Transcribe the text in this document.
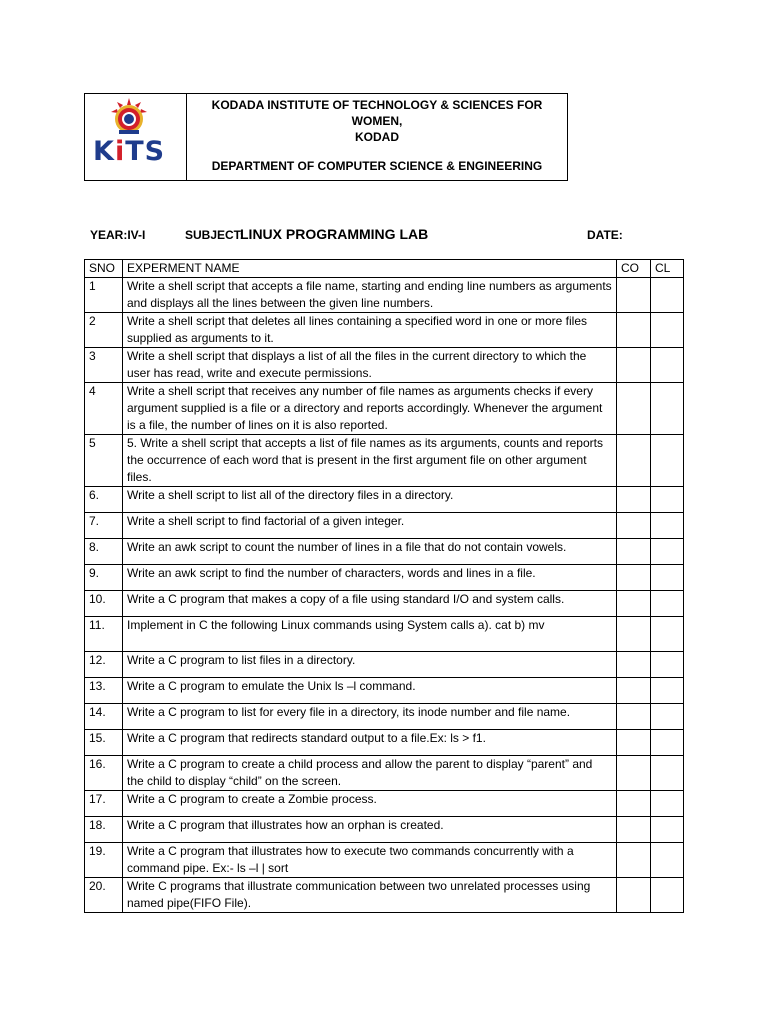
KiTS
KODADA INSTITUTE OF TECHNOLOGY & SCIENCES FOR WOMEN,
KODAD
DEPARTMENT OF COMPUTER SCIENCE & ENGINEERING
YEAR:IV-I	SUBJECT:
LINUX PROGRAMMING LAB	DATE:
SNO	EXPERMENT NAME	CO	CL
1	Write a shell script that accepts a file name, starting and ending line numbers as arguments and displays all the lines between the given line numbers.		
2	Write a shell script that deletes all lines containing a specified word in one or more files supplied as arguments to it.		
3	Write a shell script that displays a list of all the files in the current directory to which the user has read, write and execute permissions.		
4	Write a shell script that receives any number of file names as arguments checks if every argument supplied is a file or a directory and reports accordingly. Whenever the argument is a file, the number of lines on it is also reported.		
5	5. Write a shell script that accepts a list of file names as its arguments, counts and reports the occurrence of each word that is present in the first argument file on other argument files.		
6.	Write a shell script to list all of the directory files in a directory.		
7.	Write a shell script to find factorial of a given integer.		
8.	Write an awk script to count the number of lines in a file that do not contain vowels.		
9.	Write an awk script to find the number of characters, words and lines in a file.		
10.	Write a C program that makes a copy of a file using standard I/O and system calls.		
11.	Implement in C the following Linux commands using System calls a). cat b) mv		
12.	Write a C program to list files in a directory.		
13.	Write a C program to emulate the Unix ls –l command.		
14.	Write a C program to list for every file in a directory, its inode number and file name.		
15.	Write a C program that redirects standard output to a file.Ex: ls > f1.		
16.	Write a C program to create a child process and allow the parent to display “parent” and the child to display “child” on the screen.		
17.	Write a C program to create a Zombie process.		
18.	Write a C program that illustrates how an orphan is created.		
19.	Write a C program that illustrates how to execute two commands concurrently with a command pipe. Ex:- ls –l | sort		
20.	Write C programs that illustrate communication between two unrelated processes using named pipe(FIFO File).		
